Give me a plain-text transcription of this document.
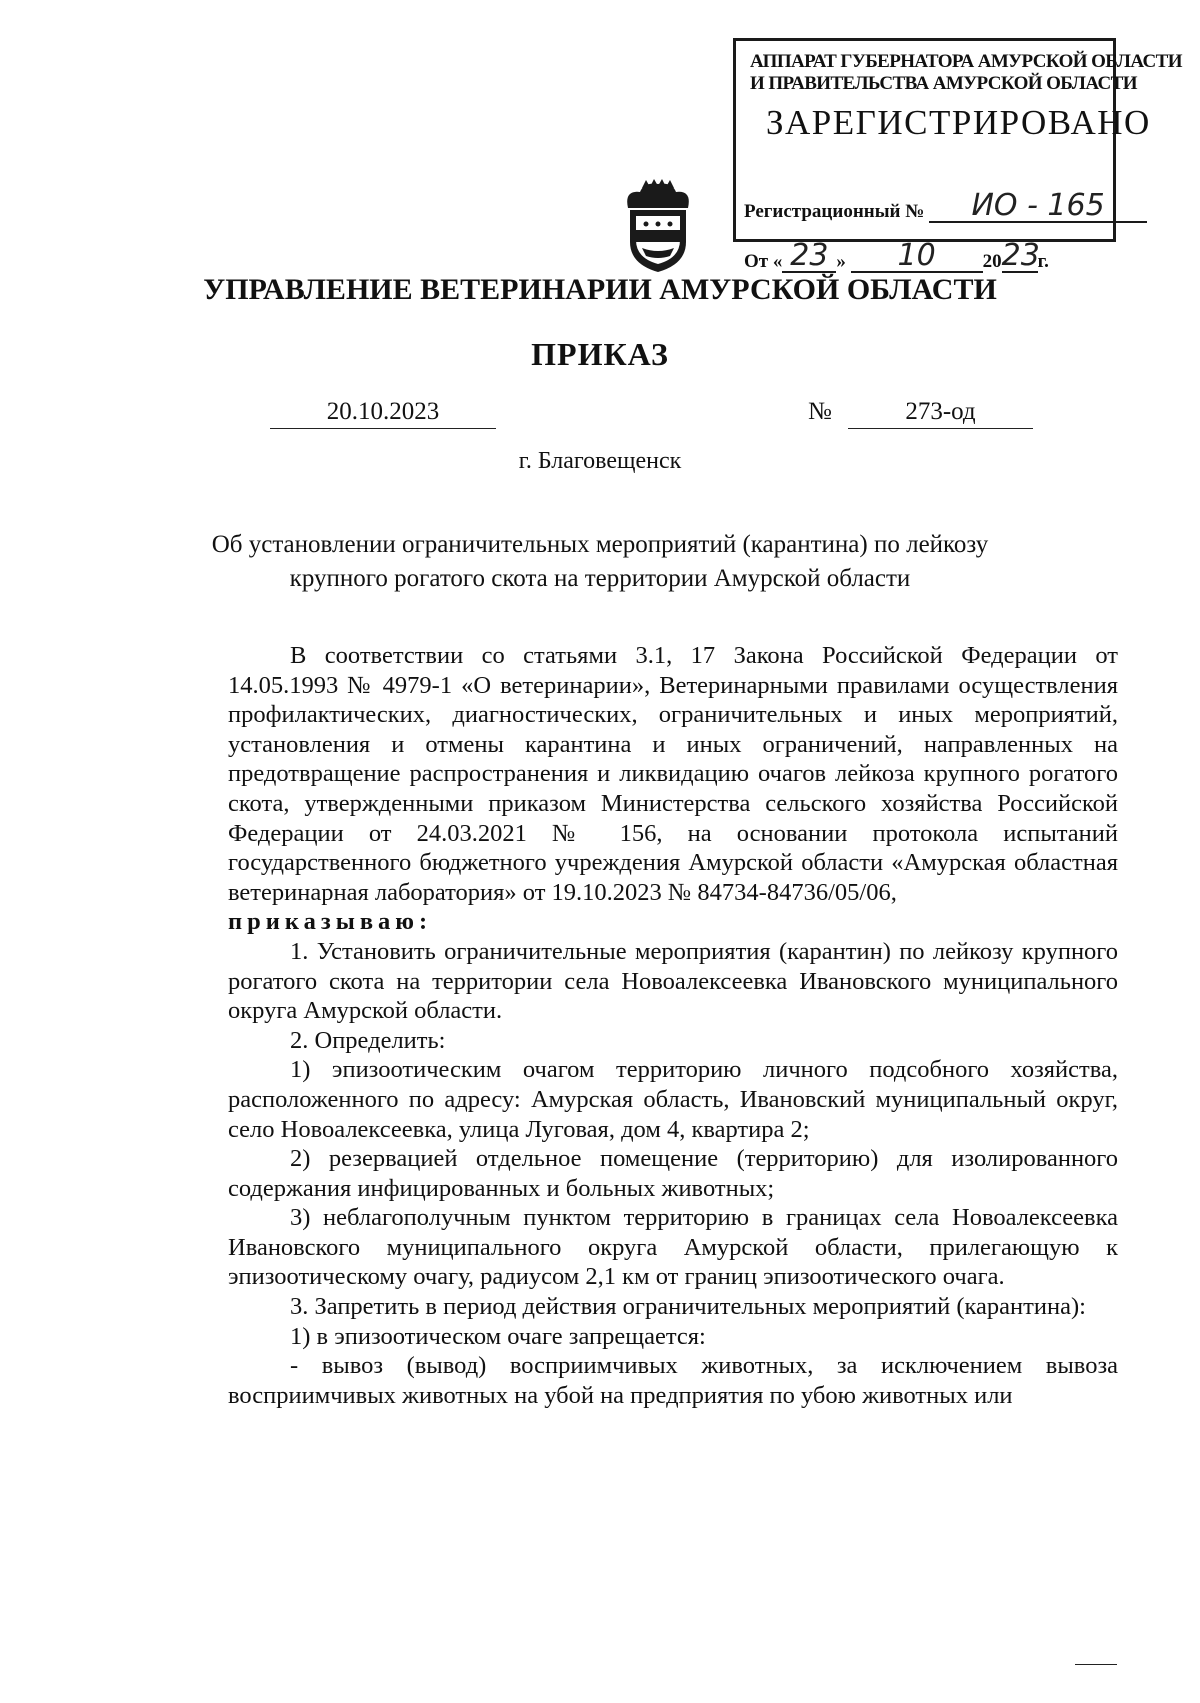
АППАРАТ ГУБЕРНАТОРА АМУРСКОЙ ОБЛАСТИ
И ПРАВИТЕЛЬСТВА АМУРСКОЙ ОБЛАСТИ
ЗАРЕГИСТРИРОВАНО
Регистрационный № ИО - 165
От « 23 » 10 2023г.
УПРАВЛЕНИЕ ВЕТЕРИНАРИИ АМУРСКОЙ ОБЛАСТИ
ПРИКАЗ
20.10.2023	№	273-од
г. Благовещенск
Об установлении ограничительных мероприятий (карантина) по лейкозу
крупного рогатого скота на территории Амурской области

В соответствии со статьями 3.1, 17 Закона Российской Федерации от 14.05.1993 № 4979-1 «О ветеринарии», Ветеринарными правилами осуществления профилактических, диагностических, ограничительных и иных мероприятий, установления и отмены карантина и иных ограничений, направленных на предотвращение распространения и ликвидацию очагов лейкоза крупного рогатого скота, утвержденными приказом Министерства сельского хозяйства Российской Федерации от 24.03.2021 № 156, на основании протокола испытаний государственного бюджетного учреждения Амурской области «Амурская областная ветеринарная лаборатория» от 19.10.2023 № 84734-84736/05/06,

приказываю:

1. Установить ограничительные мероприятия (карантин) по лейкозу крупного рогатого скота на территории села Новоалексеевка Ивановского муниципального округа Амурской области.

2. Определить:

1) эпизоотическим очагом территорию личного подсобного хозяйства, расположенного по адресу: Амурская область, Ивановский муниципальный округ, село Новоалексеевка, улица Луговая, дом 4, квартира 2;

2) резервацией отдельное помещение (территорию) для изолированного содержания инфицированных и больных животных;

3) неблагополучным пунктом территорию в границах села Новоалексеевка Ивановского муниципального округа Амурской области, прилегающую к эпизоотическому очагу, радиусом 2,1 км от границ эпизоотического очага.

3. Запретить в период действия ограничительных мероприятий (карантина):

1) в эпизоотическом очаге запрещается:

- вывоз (вывод) восприимчивых животных, за исключением вывоза восприимчивых животных на убой на предприятия по убою животных или
